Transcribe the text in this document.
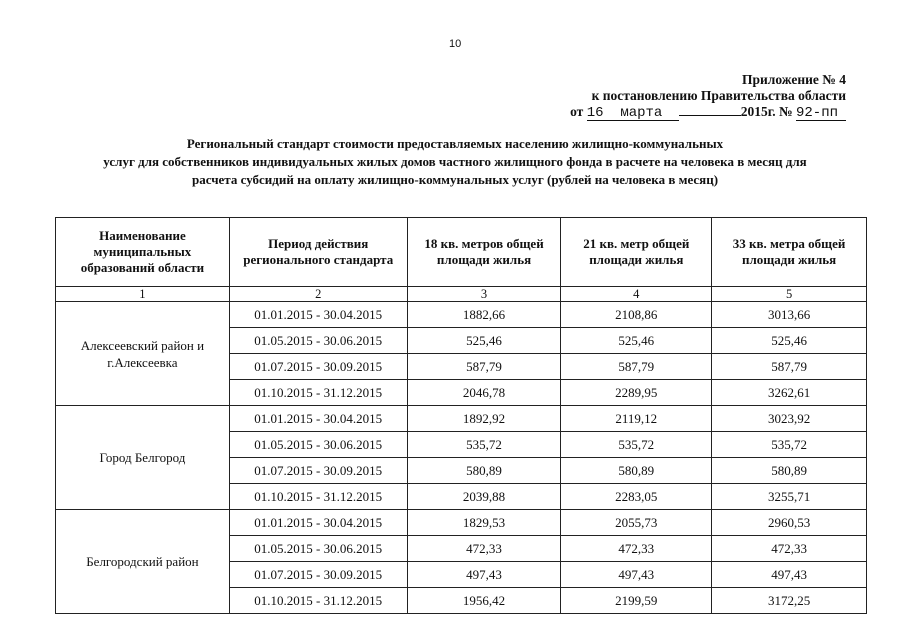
10
Приложение № 4
к постановлению Правительства области
от 16 марта	2015г. № 92-пп
Региональный стандарт стоимости предоставляемых населению жилищно-коммунальных
услуг для собственников индивидуальных жилых домов частного жилищного фонда в расчете на человека в месяц для
расчета субсидий на оплату жилищно-коммунальных услуг (рублей на человека в месяц)
Наименование муниципальных образований области	Период действия регионального стандарта	18 кв. метров общей площади жилья	21 кв. метр общей площади жилья	33 кв. метра общей площади жилья
1	2	3	4	5
Алексеевский район и г.Алексеевка	01.01.2015 - 30.04.2015	1882,66	2108,86	3013,66
	01.05.2015 - 30.06.2015	525,46	525,46	525,46
	01.07.2015 - 30.09.2015	587,79	587,79	587,79
	01.10.2015 - 31.12.2015	2046,78	2289,95	3262,61
Город Белгород	01.01.2015 - 30.04.2015	1892,92	2119,12	3023,92
	01.05.2015 - 30.06.2015	535,72	535,72	535,72
	01.07.2015 - 30.09.2015	580,89	580,89	580,89
	01.10.2015 - 31.12.2015	2039,88	2283,05	3255,71
Белгородский район	01.01.2015 - 30.04.2015	1829,53	2055,73	2960,53
	01.05.2015 - 30.06.2015	472,33	472,33	472,33
	01.07.2015 - 30.09.2015	497,43	497,43	497,43
	01.10.2015 - 31.12.2015	1956,42	2199,59	3172,25
